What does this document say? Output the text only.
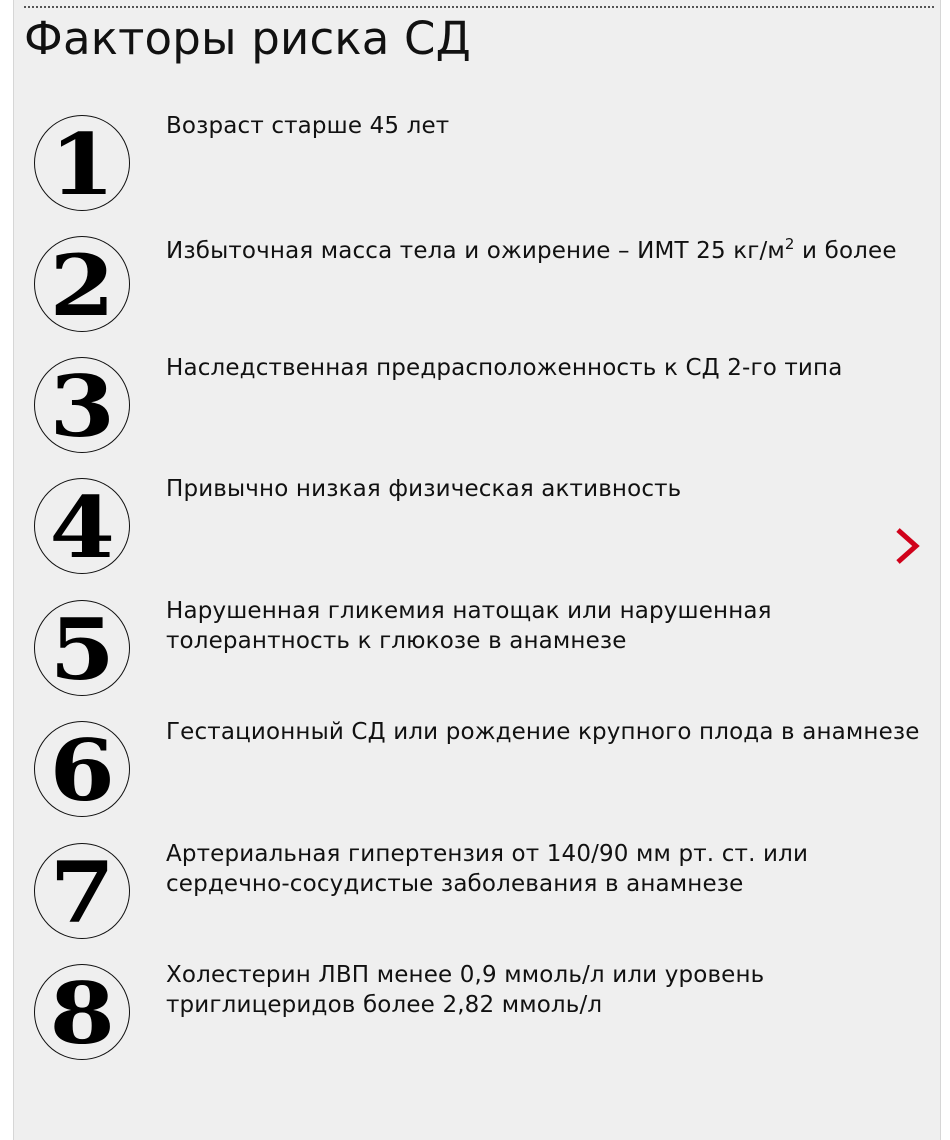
Факторы риска СД
1 Возраст старше 45 лет

2 Избыточная масса тела и ожирение – ИМТ 25 $кг/м^2$ и более

3 Наследственная предрасположенность к СД 2-го типа

4 Привычно низкая физическая активность

5 Нарушенная гликемия натощак или нарушенная толерантность к глюкозе в анамнезе

6 Гестационный СД или рождение крупного плода в анамнезе

7 Артериальная гипертензия от 140/90 мм рт. ст. или сердечно-сосудистые заболевания в анамнезе

8 Холестерин ЛВП менее 0,9 ммоль/л или уровень триглицеридов более 2,82 ммоль/л
